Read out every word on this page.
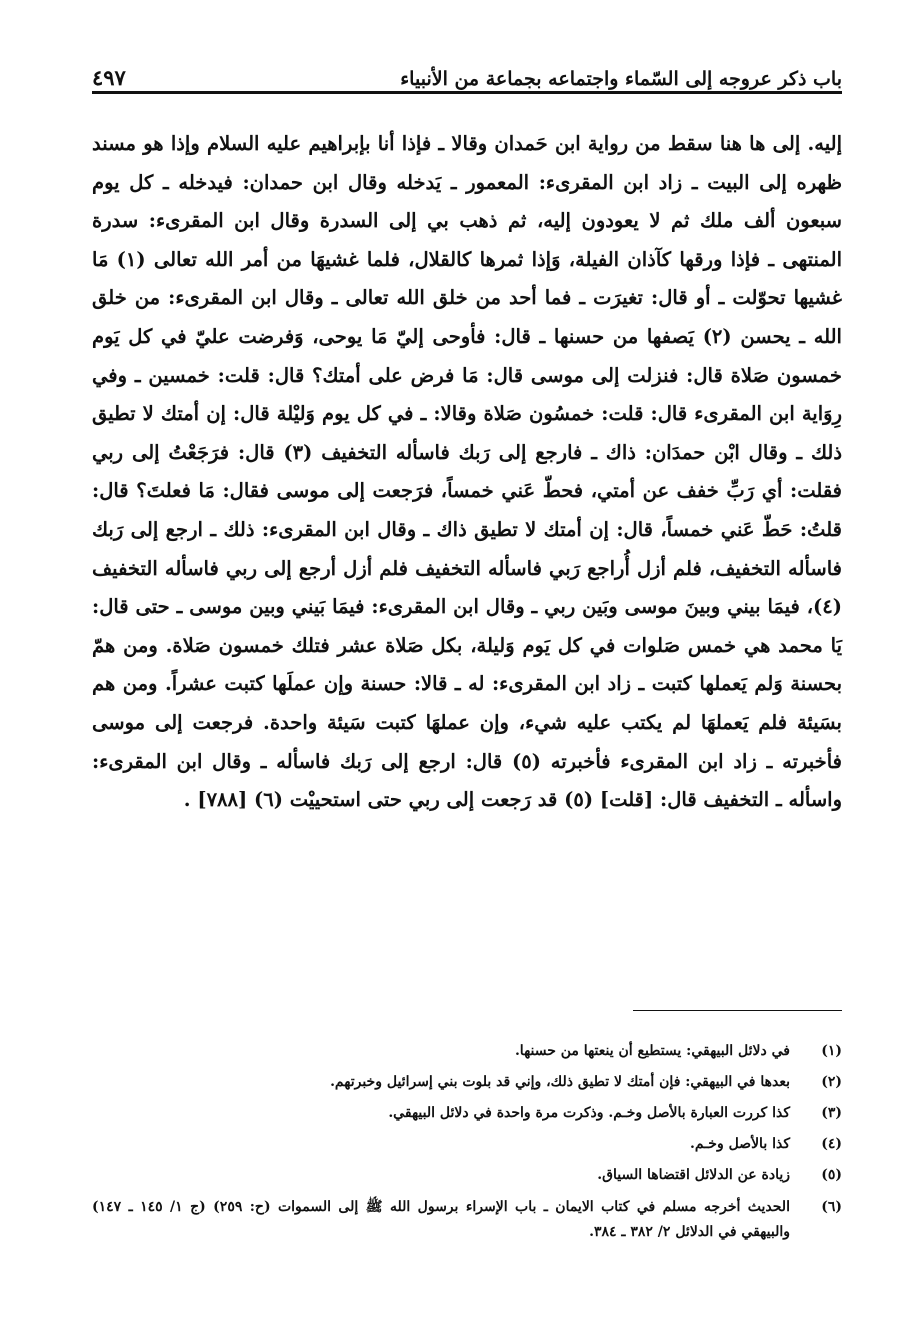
باب ذكر عروجه إلى السّماء واجتماعه بجماعة من الأنبياء
٤٩٧

إليه. إلى ها هنا سقط من رواية ابن حَمدان وقالا ـ فإذا أنا بإبراهيم عليه السلام وإذا هو مسند ظهره إلى البيت ـ زاد ابن المقرىء: المعمور ـ يَدخله وقال ابن حمدان: فيدخله ـ كل يوم سبعون ألف ملك ثم لا يعودون إليه، ثم ذهب بي إلى السدرة وقال ابن المقرىء: سدرة المنتهى ـ فإذا ورقها كآذان الفيلة، وَإذا ثمرها كالقلال، فلما غشيهَا من أمر الله تعالى (١) مَا غشيها تحوّلت ـ أو قال: تغيرَت ـ فما أحد من خلق الله تعالى ـ وقال ابن المقرىء: من خلق الله ـ يحسن (٢) يَصفها من حسنها ـ قال: فأوحى إليّ مَا يوحى، وَفرضت عليّ في كل يَوم خمسون صَلاة قال: فنزلت إلى موسى قال: مَا فرض على أمتك؟ قال: قلت: خمسين ـ وفي رِوَاية ابن المقرىء قال: قلت: خمسُون صَلاة وقالا: ـ في كل يوم وَليْلة قال: إن أمتك لا تطيق ذلك ـ وقال ابْن حمدَان: ذاك ـ فارجع إلى رَبك فاسأله التخفيف (٣) قال: فرَجَعْتُ إلى ربي فقلت: أي رَبِّ خفف عن أمتي، فحطّ عَني خمساً، فرَجعت إلى موسى فقال: مَا فعلتَ؟ قال: قلتُ: حَطّ عَني خمساً، قال: إن أمتك لا تطيق ذاك ـ وقال ابن المقرىء: ذلك ـ ارجع إلى رَبك فاسأله التخفيف، فلم أزل أُراجع رَبي فاسأله التخفيف فلم أزل أرجع إلى ربي فاسأله التخفيف (٤)، فيمَا بيني وبينَ موسى وبَين ربي ـ وقال ابن المقرىء: فيمَا بَيني وبين موسى ـ حتى قال: يَا محمد هي خمس صَلوات في كل يَوم وَليلة، بكل صَلاة عشر فتلك خمسون صَلاة. ومن همّ بحسنة وَلم يَعملها كتبت ـ زاد ابن المقرىء: له ـ قالا: حسنة وإن عملَها كتبت عشراً. ومن هم بسَيئة فلم يَعملهَا لم يكتب عليه شيء، وإن عملهَا كتبت سَيئة واحدة. فرجعت إلى موسى فأخبرته ـ زاد ابن المقرىء فأخبرته (٥) قال: ارجع إلى رَبك فاسأله ـ وقال ابن المقرىء: واسأله ـ التخفيف قال: [قلت] (٥) قد رَجعت إلى ربي حتى استحييْت (٦) [٧٨٨] .

(١)
في دلائل البيهقي: يستطيع أن ينعتها من حسنها.
(٢)
بعدها في البيهقي: فإن أمتك لا تطيق ذلك، وإني قد بلوت بني إسرائيل وخبرتهم.
(٣)
كذا كررت العبارة بالأصل وخـم. وذكرت مرة واحدة في دلائل البيهقي.
(٤)
كذا بالأصل وخـم.
(٥)
زيادة عن الدلائل اقتضاها السياق.
(٦)
الحديث أخرجه مسلم في كتاب الايمان ـ باب الإسراء برسول الله ﷺ إلى السموات (ح: ٢٥٩) (ج ١/ ١٤٥ ـ ١٤٧) والبيهقي في الدلائل ٢/ ٣٨٢ ـ ٣٨٤.
